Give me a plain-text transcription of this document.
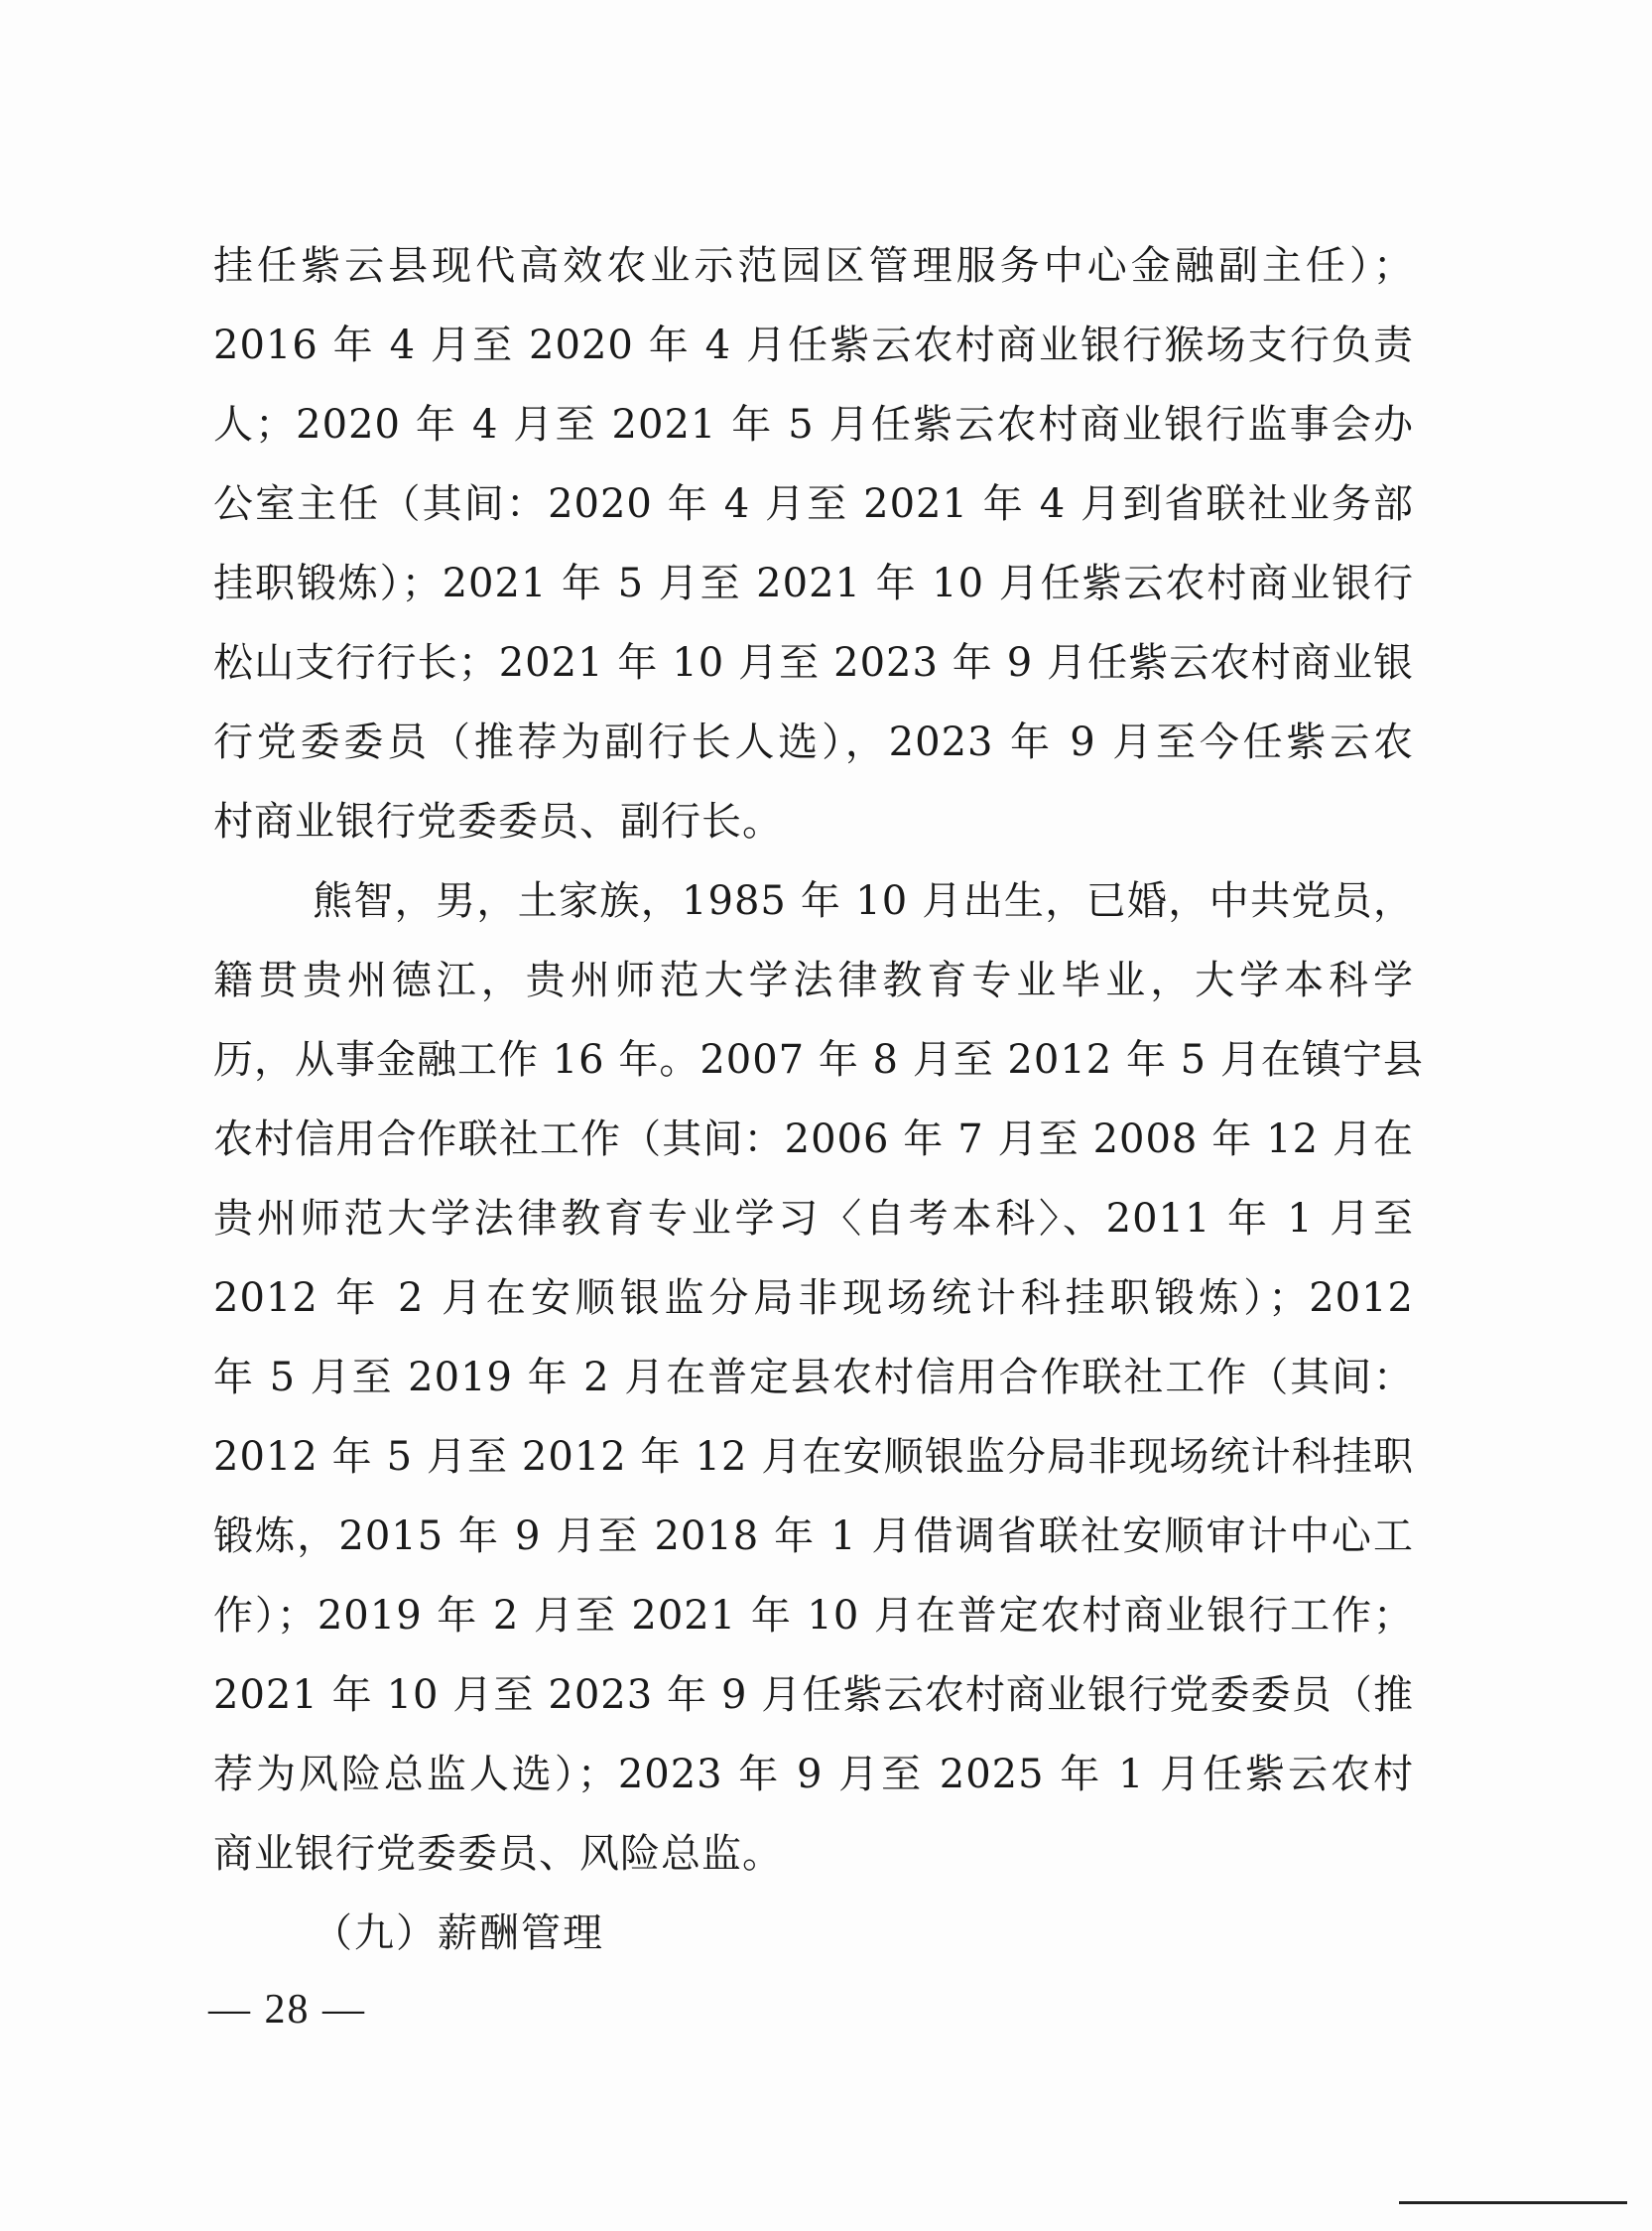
挂任紫云县现代高效农业示范园区管理服务中心金融副主任）；
2016 年 4 月至 2020 年 4 月任紫云农村商业银行猴场支行负责
人；2020 年 4 月至 2021 年 5 月任紫云农村商业银行监事会办
公室主任（其间：2020 年 4 月至 2021 年 4 月到省联社业务部
挂职锻炼）；2021 年 5 月至 2021 年 10 月任紫云农村商业银行
松山支行行长；2021 年 10 月至 2023 年 9 月任紫云农村商业银
行党委委员（推荐为副行长人选），2023 年 9 月至今任紫云农
村商业银行党委委员、副行长。
熊智，男，土家族，1985 年 10 月出生，已婚，中共党员，
籍贯贵州德江，贵州师范大学法律教育专业毕业，大学本科学
历，从事金融工作 16 年。2007 年 8 月至 2012 年 5 月在镇宁县
农村信用合作联社工作（其间：2006 年 7 月至 2008 年 12 月在
贵州师范大学法律教育专业学习〈自考本科〉、2011 年 1 月至
2012 年 2 月在安顺银监分局非现场统计科挂职锻炼）；2012
年 5 月至 2019 年 2 月在普定县农村信用合作联社工作（其间：
2012 年 5 月至 2012 年 12 月在安顺银监分局非现场统计科挂职
锻炼，2015 年 9 月至 2018 年 1 月借调省联社安顺审计中心工
作）；2019 年 2 月至 2021 年 10 月在普定农村商业银行工作；
2021 年 10 月至 2023 年 9 月任紫云农村商业银行党委委员（推
荐为风险总监人选）；2023 年 9 月至 2025 年 1 月任紫云农村
商业银行党委委员、风险总监。
（九）薪酬管理
— 28 —
